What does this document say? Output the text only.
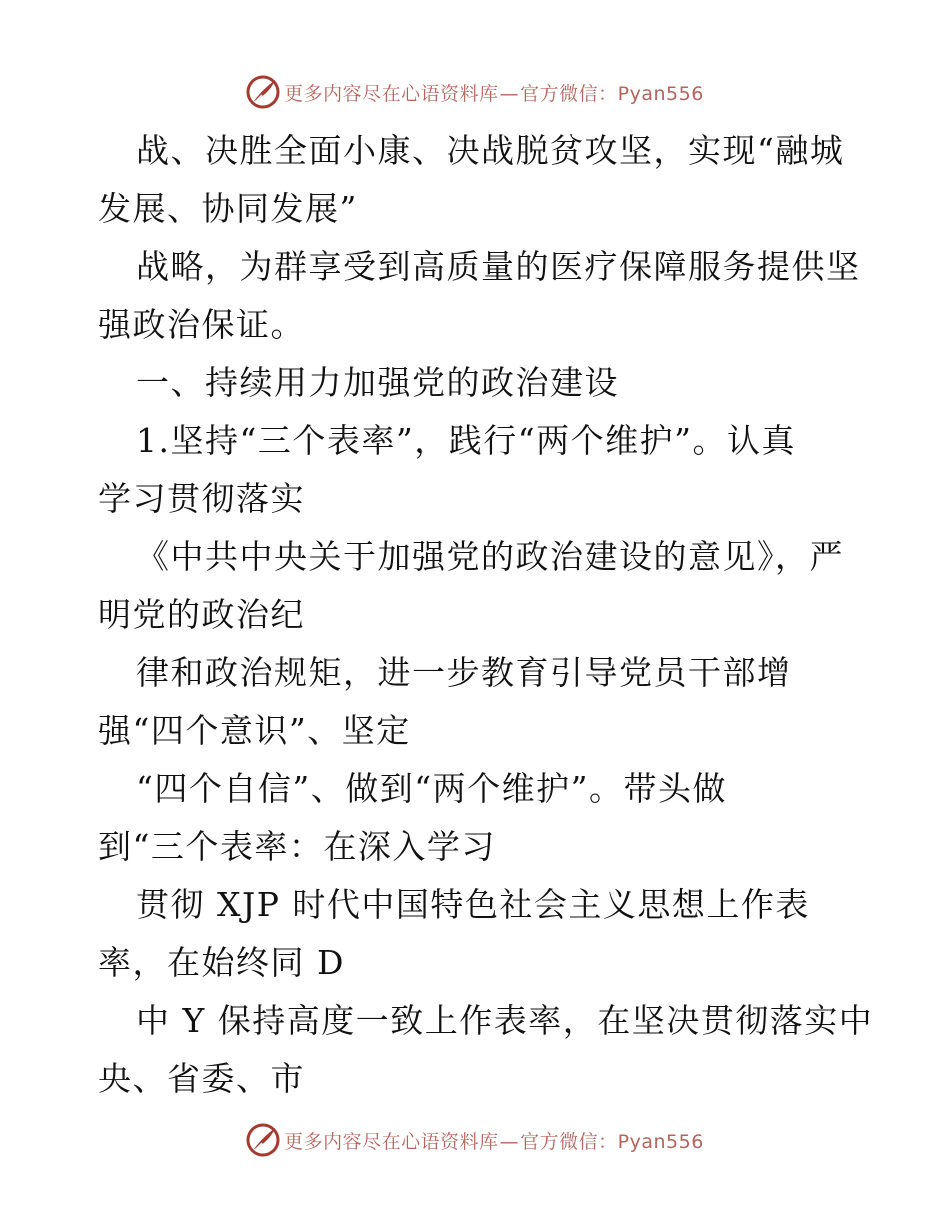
更多内容尽在心语资料库—官方微信：Pyan556

战、决胜全面小康、决战脱贫攻坚，实现“融城
发展、协同发展”

战略，为群享受到高质量的医疗保障服务提供坚
强政治保证。

一、持续用力加强党的政治建设

1.坚持“三个表率”，践行“两个维护”。认真
学习贯彻落实

《中共中央关于加强党的政治建设的意见》，严
明党的政治纪

律和政治规矩，进一步教育引导党员干部增
强“四个意识”、坚定

“四个自信”、做到“两个维护”。带头做
到“三个表率：在深入学习

贯彻 XJP 时代中国特色社会主义思想上作表
率，在始终同 D

中 Y 保持高度一致上作表率，在坚决贯彻落实中
央、省委、市

更多内容尽在心语资料库—官方微信：Pyan556
